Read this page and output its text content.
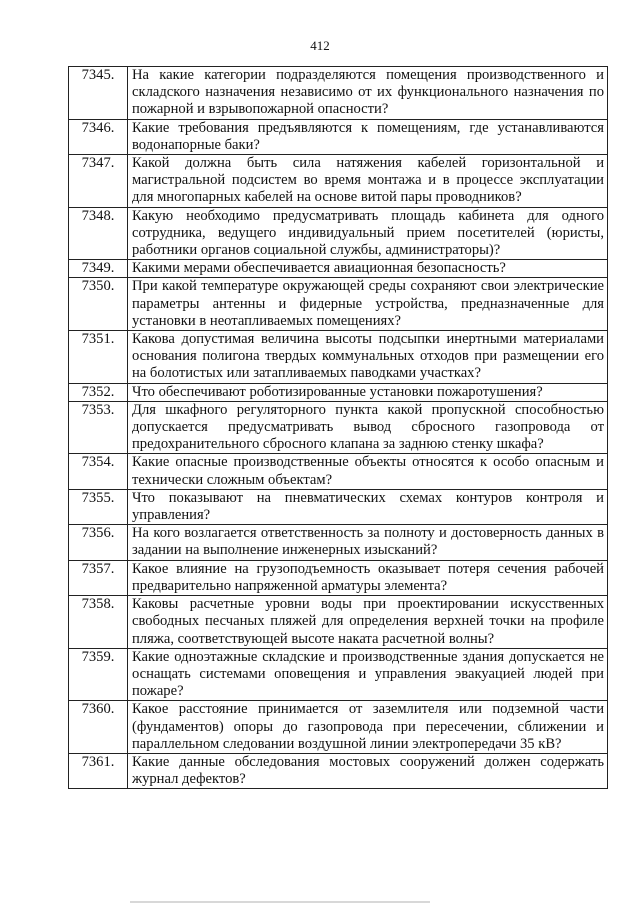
412
7345.	На какие категории подразделяются помещения производственного и складского назначения независимо от их функционального назначения по пожарной и взрывопожарной опасности?
7346.	Какие требования предъявляются к помещениям, где устанавливаются водонапорные баки?
7347.	Какой должна быть сила натяжения кабелей горизонтальной и магистральной подсистем во время монтажа и в процессе эксплуатации для многопарных кабелей на основе витой пары проводников?
7348.	Какую необходимо предусматривать площадь кабинета для одного сотрудника, ведущего индивидуальный прием посетителей (юристы, работники органов социальной службы, администраторы)?
7349.	Какими мерами обеспечивается авиационная безопасность?
7350.	При какой температуре окружающей среды сохраняют свои электрические параметры антенны и фидерные устройства, предназначенные для установки в неотапливаемых помещениях?
7351.	Какова допустимая величина высоты подсыпки инертными материалами основания полигона твердых коммунальных отходов при размещении его на болотистых или затапливаемых паводками участках?
7352.	Что обеспечивают роботизированные установки пожаротушения?
7353.	Для шкафного регуляторного пункта какой пропускной способностью допускается предусматривать вывод сбросного газопровода от предохранительного сбросного клапана за заднюю стенку шкафа?
7354.	Какие опасные производственные объекты относятся к особо опасным и технически сложным объектам?
7355.	Что показывают на пневматических схемах контуров контроля и управления?
7356.	На кого возлагается ответственность за полноту и достоверность данных в задании на выполнение инженерных изысканий?
7357.	Какое влияние на грузоподъемность оказывает потеря сечения рабочей предварительно напряженной арматуры элемента?
7358.	Каковы расчетные уровни воды при проектировании искусственных свободных песчаных пляжей для определения верхней точки на профиле пляжа, соответствующей высоте наката расчетной волны?
7359.	Какие одноэтажные складские и производственные здания допускается не оснащать системами оповещения и управления эвакуацией людей при пожаре?
7360.	Какое расстояние принимается от заземлителя или подземной части (фундаментов) опоры до газопровода при пересечении, сближении и параллельном следовании воздушной линии электропередачи 35 кВ?
7361.	Какие данные обследования мостовых сооружений должен содержать журнал дефектов?
